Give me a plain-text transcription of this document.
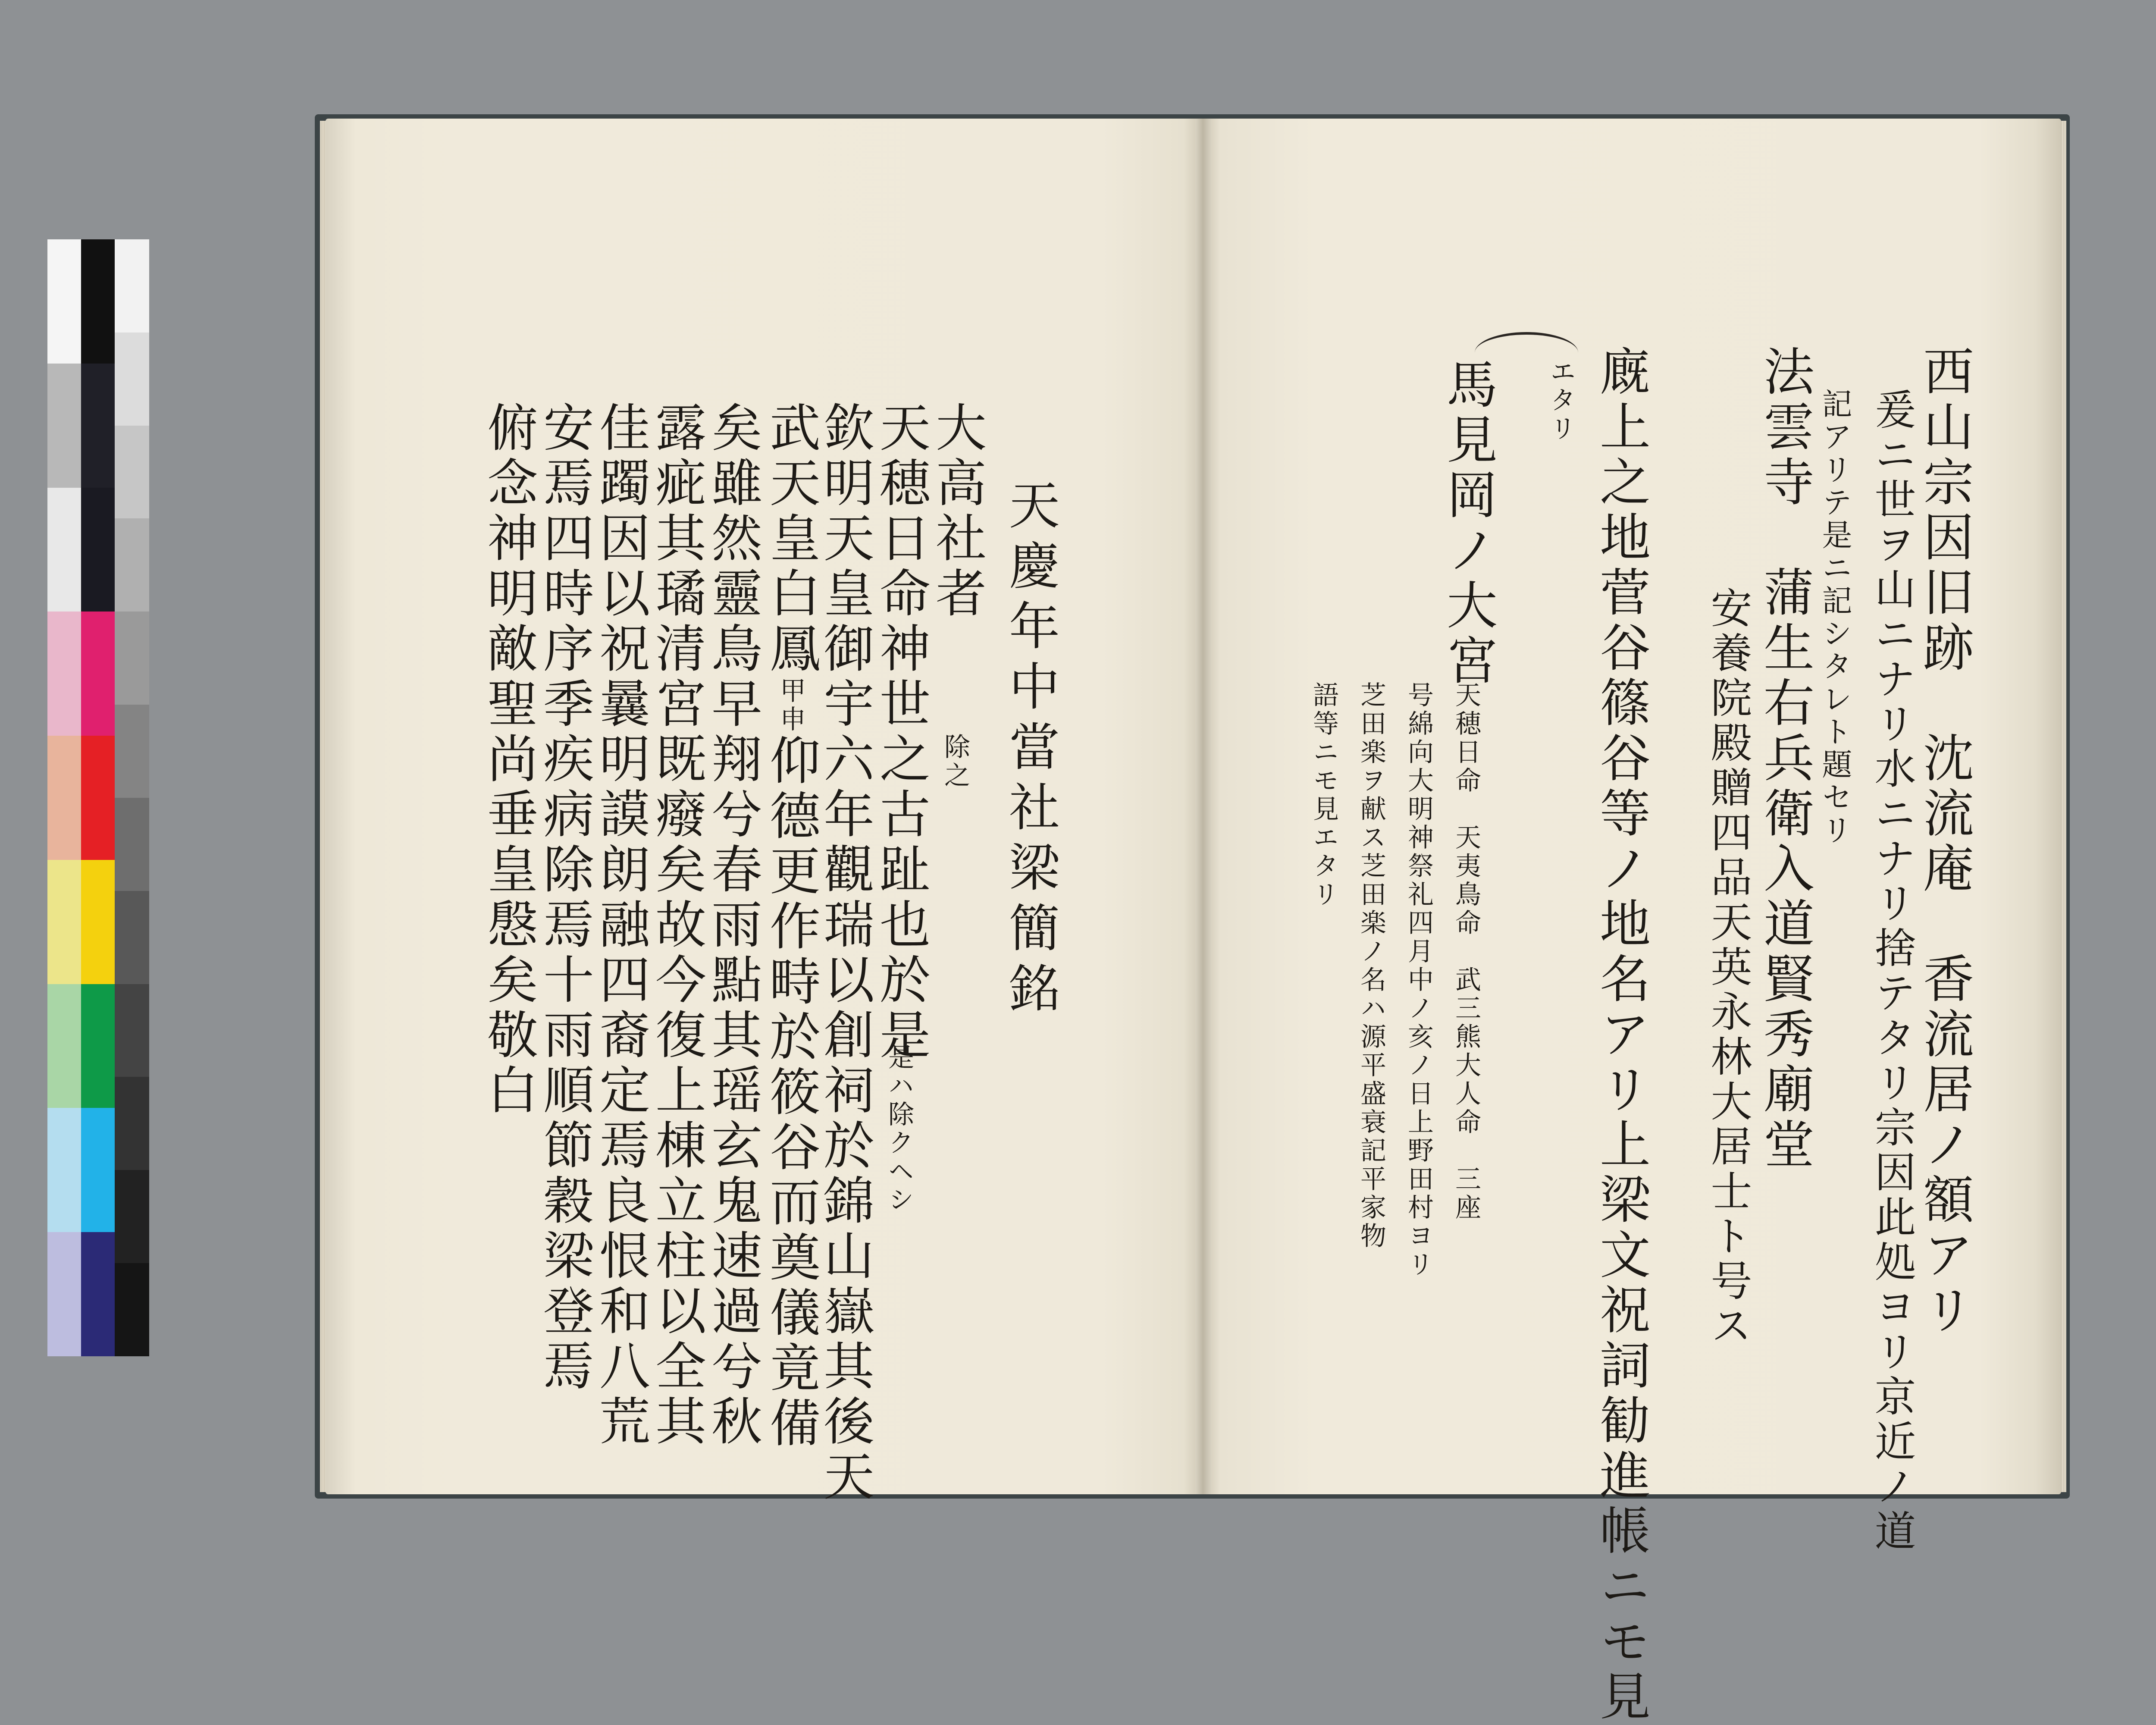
天慶年中當社梁簡銘
大高社者
除之
天穂日命神世之古趾也於是
是ハ除クヘシ
欽明天皇御宇六年觀瑞以創祠於錦山嶽其後天
武天皇白鳳甲申仰德更作畤於筱谷而奠儀竟備
矣雖然靈鳥早翔兮春雨點其瑶玄鬼速過兮秋
露疵其璚清宮既癈矣故今復上棟立柱以全其
佳躅因以祝曩明謨朗融四裔定焉良恨和八荒
安焉四時序季疾病除焉十雨順節穀梁登焉
俯念神明敵聖尚垂皇慇矣敬白	西山宗因旧跡　沈流庵　香流居ノ額アリ
爰ニ世ヲ山ニナリ水ニナリ捨テタリ宗因此処ヨリ京近ノ道
記アリテ是ニ記シタレト題セリ
法雲寺　蒲生右兵衛入道賢秀廟堂
安養院殿贈四品天英永林大居士ト号ス
廐上之地菅谷篠谷等ノ地名アリ上梁文祝詞勧進帳ニモ見
エタリ
馬見岡ノ大宮
天穂日命　天夷鳥命　武三熊大人命　三座
号綿向大明神祭礼四月中ノ亥ノ日上野田村ヨリ
芝田楽ヲ献ス芝田楽ノ名ハ源平盛衰記平家物
語等ニモ見エタリ
